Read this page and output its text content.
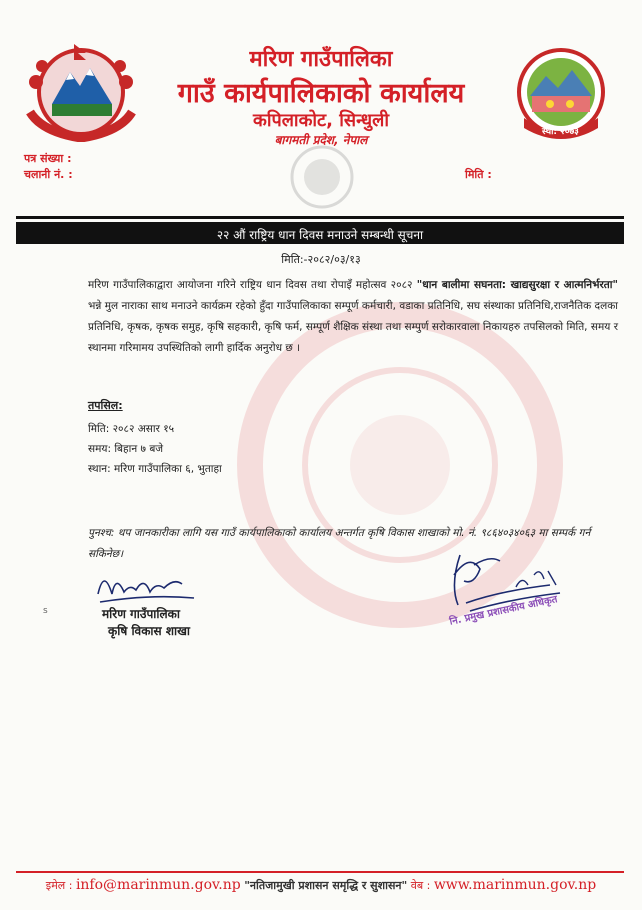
स्था: २०७३
मरिण गाउँपालिका
गाउँ कार्यपालिकाको कार्यालय
कपिलाकोट, सिन्धुली
बागमती प्रदेश, नेपाल
पत्र संख्या :
चलानी नं. :	मिति :
२२ औं राष्ट्रिय धान दिवस मनाउने सम्बन्धी सूचना
मिति:-२०८२/०३/१३
मरिण गाउँपालिकाद्वारा आयोजना गरिने राष्ट्रिय धान दिवस तथा रोपाइँ महोत्सव २०८२ "धान बालीमा सघनता: खाद्यसुरक्षा र आत्मनिर्भरता" भन्ने मुल नाराका साथ मनाउने कार्यक्रम रहेको हुँदा गाउँपालिकाका सम्पूर्ण कर्मचारी, वडाका प्रतिनिधि, सघ संस्थाका प्रतिनिधि,राजनैतिक दलका प्रतिनिधि, कृषक, कृषक समुह, कृषि सहकारी, कृषि फर्म, सम्पूर्ण शैक्षिक संस्था तथा सम्पुर्ण सरोकारवाला निकायहरु तपसिलको मिति, समय र स्थानमा गरिमामय उपस्थितिको लागी हार्दिक अनुरोध छ ।
तपसिल:
मिति: २०८२ असार १५
समय: बिहान ७ बजे
स्थान: मरिण गाउँपालिका ६, भुताहा
पुनश्च: थप जानकारीका लागि यस गाउँ कार्यपालिकाको कार्यालय अन्तर्गत कृषि विकास शाखाको मो. नं. ९८६४०३४०६३ मा सम्पर्क गर्न सकिनेछ।
मरिण गाउँपालिका
कृषि विकास शाखा
नि. प्रमुख प्रशासकीय अधिकृत
s
इमेल : info@marinmun.gov.np "नतिजामुखी प्रशासन समृद्धि र सुशासन" वेब : www.marinmun.gov.np
